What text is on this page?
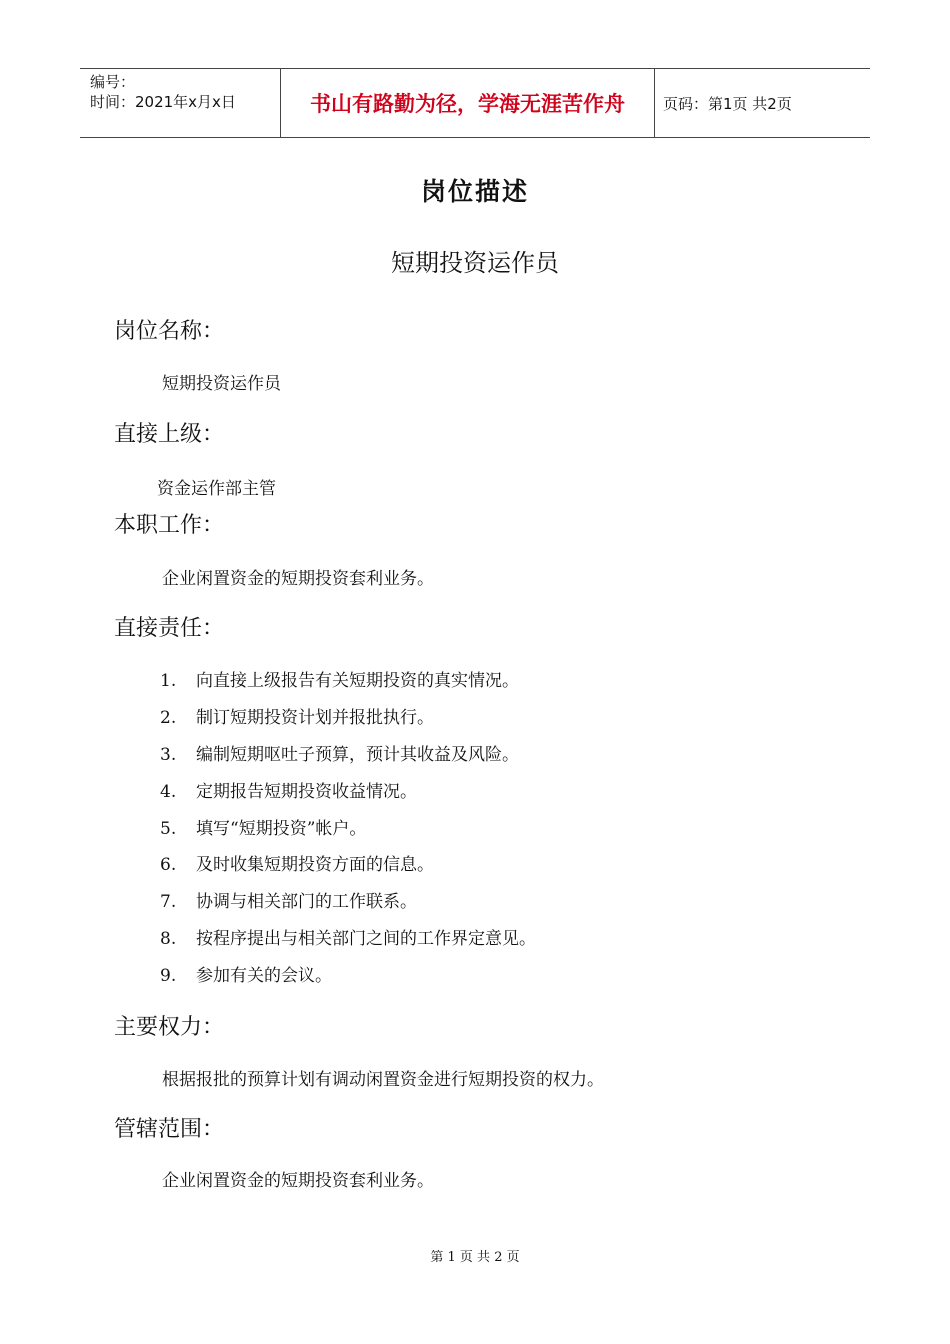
编号：
时间：2021年x月x日	书山有路勤为径，学海无涯苦作舟	页码：第1页 共2页
岗位描述
短期投资运作员
岗位名称：
短期投资运作员
直接上级：
资金运作部主管
本职工作：
企业闲置资金的短期投资套利业务。
直接责任：
1. 向直接上级报告有关短期投资的真实情况。
2. 制订短期投资计划并报批执行。
3. 编制短期呕吐子预算，预计其收益及风险。
4. 定期报告短期投资收益情况。
5. 填写“短期投资”帐户。
6. 及时收集短期投资方面的信息。
7. 协调与相关部门的工作联系。
8. 按程序提出与相关部门之间的工作界定意见。
9. 参加有关的会议。
主要权力：
根据报批的预算计划有调动闲置资金进行短期投资的权力。
管辖范围：
企业闲置资金的短期投资套利业务。
第 1 页 共 2 页
